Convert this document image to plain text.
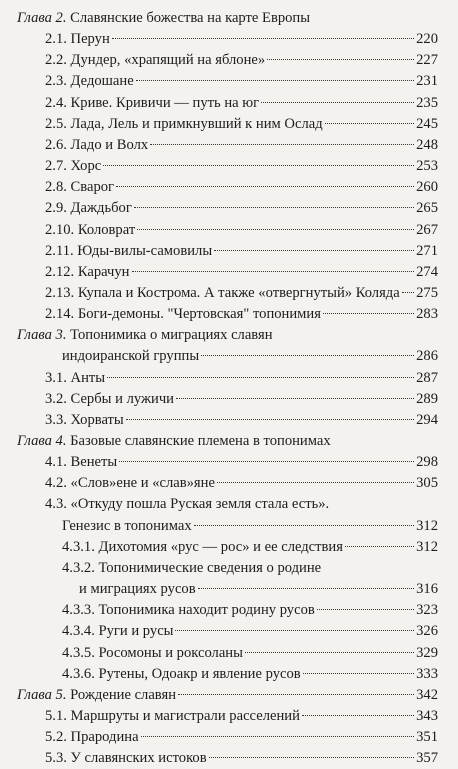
Глава 2. Славянские божества на карте Европы
2.1. Перун	220
2.2. Дундер, «храпящий на яблоне»	227
2.3. Дедошане	231
2.4. Криве. Кривичи — путь на юг	235
2.5. Лада, Лель и примкнувший к ним Ослад	245
2.6. Ладо и Волх	248
2.7. Хорс	253
2.8. Сварог	260
2.9. Даждьбог	265
2.10. Коловрат	267
2.11. Юды-вилы-самовилы	271
2.12. Карачун	274
2.13. Купала и Кострома. А также «отвергнутый» Коляда 275
2.14. Боги-демоны. "Чертовская" топонимия	283
Глава 3. Топонимика о миграциях славян
индоиранской группы	286
3.1. Анты	287
3.2. Сербы и лужичи	289
3.3. Хорваты	294
Глава 4. Базовые славянские племена в топонимах
4.1. Венеты	298
4.2. «Слов»ене и «слав»яне	305
4.3. «Откуду пошла Руская земля стала есть».
Генезис в топонимах	312
4.3.1. Дихотомия «рус — рос» и ее следствия	312
4.3.2. Топонимические сведения о родине
и миграциях русов	316
4.3.3. Топонимика находит родину русов	323
4.3.4. Руги и русы	326
4.3.5. Росомоны и роксоланы	329
4.3.6. Рутены, Одоакр и явление русов	333
Глава 5. Рождение славян	342
5.1. Маршруты и магистрали расселений	343
5.2. Прародина	351
5.3. У славянских истоков	357
